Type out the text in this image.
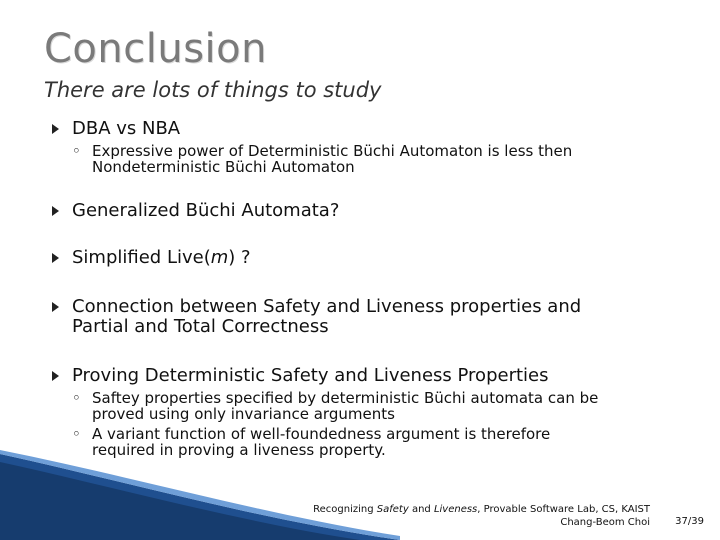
Conclusion
There are lots of things to study
DBA vs NBA
◦ Expressive power of Deterministic Büchi Automaton is less then
Nondeterministic Büchi Automaton
Generalized Büchi Automata?
Simplified Live(m) ?
Connection between Safety and Liveness properties and
Partial and Total Correctness
Proving Deterministic Safety and Liveness Properties
◦ Saftey properties specified by deterministic Büchi automata can be
proved using only invariance arguments
◦ A variant function of well-foundedness argument is therefore
required in proving a liveness property.
Recognizing Safety and Liveness, Provable Software Lab, CS, KAIST
Chang-Beom Choi	37/39
